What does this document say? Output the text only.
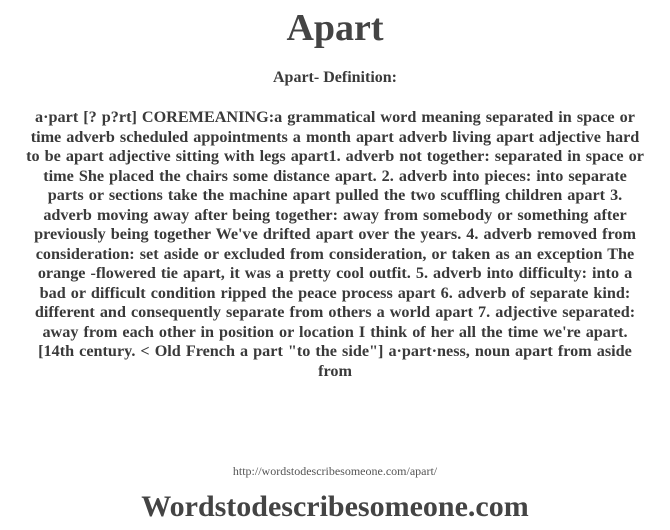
Apart
Apart- Definition:
a·part [? p?rt] COREMEANING:a grammatical word meaning separated in space or time adverb scheduled appointments a month apart adverb living apart adjective hard to be apart adjective sitting with legs apart1. adverb not together: separated in space or time She placed the chairs some distance apart. 2. adverb into pieces: into separate parts or sections take the machine apart pulled the two scuffling children apart 3. adverb moving away after being together: away from somebody or something after previously being together We've drifted apart over the years. 4. adverb removed from consideration: set aside or excluded from consideration, or taken as an exception The orange -flowered tie apart, it was a pretty cool outfit. 5. adverb into difficulty: into a bad or difficult condition ripped the peace process apart 6. adverb of separate kind: different and consequently separate from others a world apart 7. adjective separated: away from each other in position or location I think of her all the time we're apart. [14th century. < Old French a part "to the side"] a·part·ness, noun apart from aside from
http://wordstodescribesomeone.com/apart/
Wordstodescribesomeone.com
